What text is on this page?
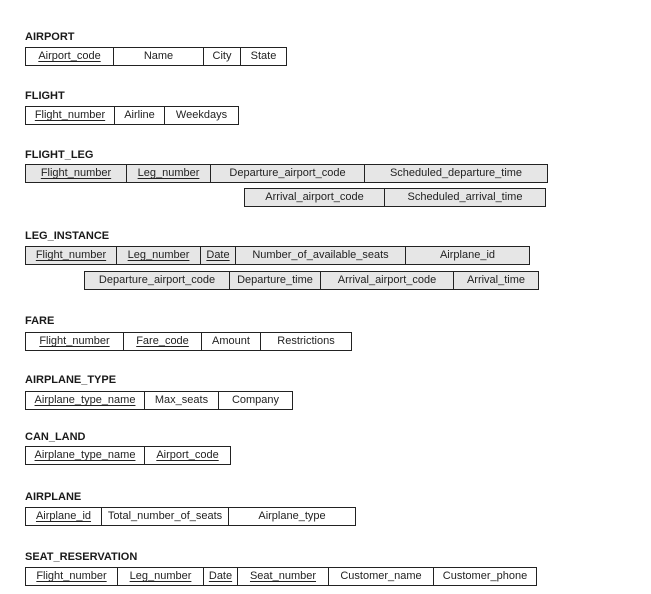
AIRPORT
Airport_code	Name	City	State
FLIGHT
Flight_number	Airline	Weekdays
FLIGHT_LEG
Flight_number	Leg_number	Departure_airport_code	Scheduled_departure_time
Arrival_airport_code	Scheduled_arrival_time
LEG_INSTANCE
Flight_number	Leg_number	Date	Number_of_available_seats	Airplane_id
Departure_airport_code	Departure_time	Arrival_airport_code	Arrival_time
FARE
Flight_number	Fare_code	Amount	Restrictions
AIRPLANE_TYPE
Airplane_type_name	Max_seats	Company
CAN_LAND
Airplane_type_name	Airport_code
AIRPLANE
Airplane_id	Total_number_of_seats	Airplane_type
SEAT_RESERVATION
Flight_number	Leg_number	Date	Seat_number	Customer_name	Customer_phone
